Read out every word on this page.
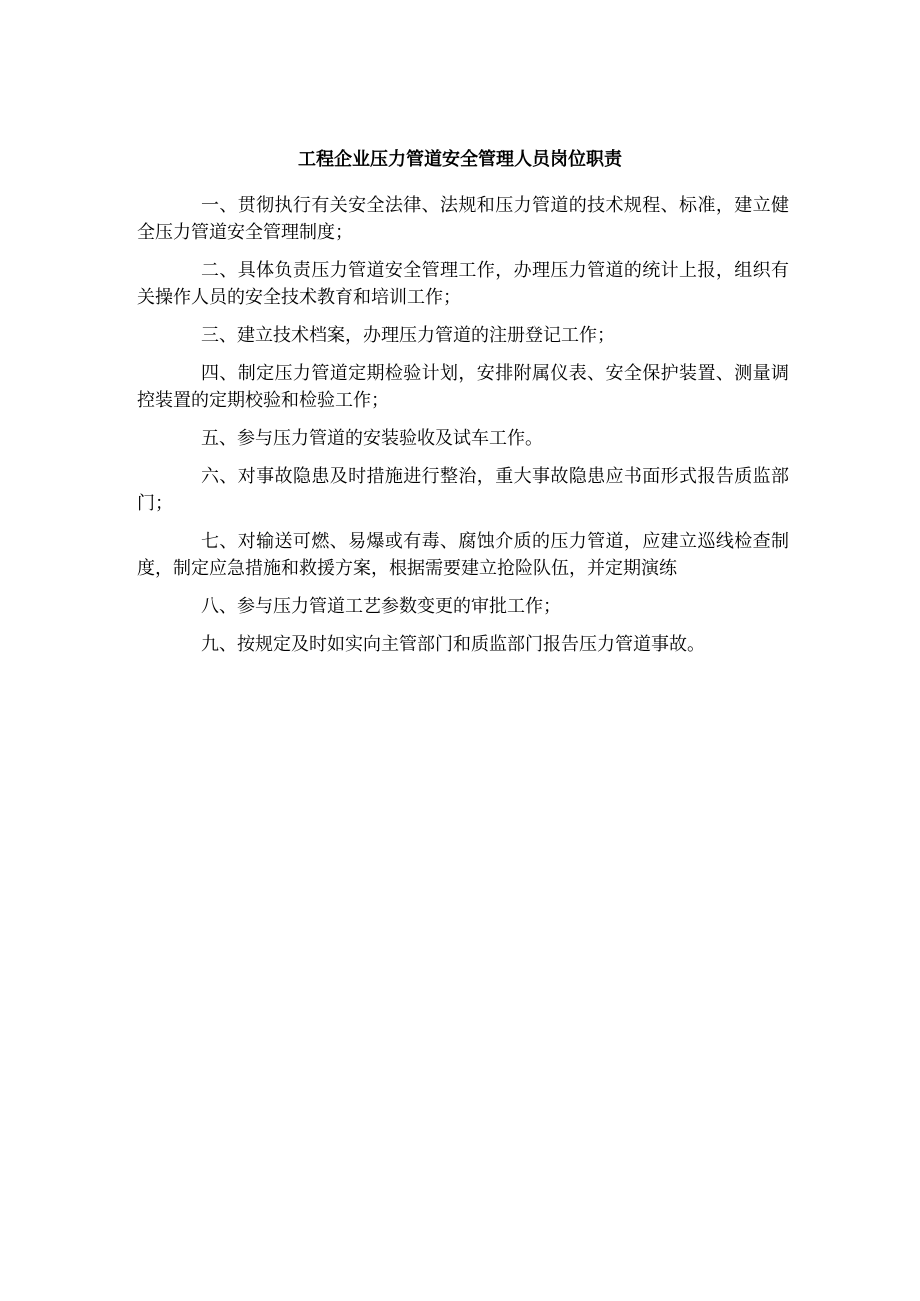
工程企业压力管道安全管理人员岗位职责

一、贯彻执行有关安全法律、法规和压力管道的技术规程、标准，建立健全压力管道安全管理制度；

二、具体负责压力管道安全管理工作，办理压力管道的统计上报，组织有关操作人员的安全技术教育和培训工作；

三、建立技术档案，办理压力管道的注册登记工作；

四、制定压力管道定期检验计划，安排附属仪表、安全保护装置、测量调控装置的定期校验和检验工作；

五、参与压力管道的安装验收及试车工作。

六、对事故隐患及时措施进行整治，重大事故隐患应书面形式报告质监部门；

七、对输送可燃、易爆或有毒、腐蚀介质的压力管道，应建立巡线检查制度，制定应急措施和救援方案，根据需要建立抢险队伍，并定期演练

八、参与压力管道工艺参数变更的审批工作；

九、按规定及时如实向主管部门和质监部门报告压力管道事故。
